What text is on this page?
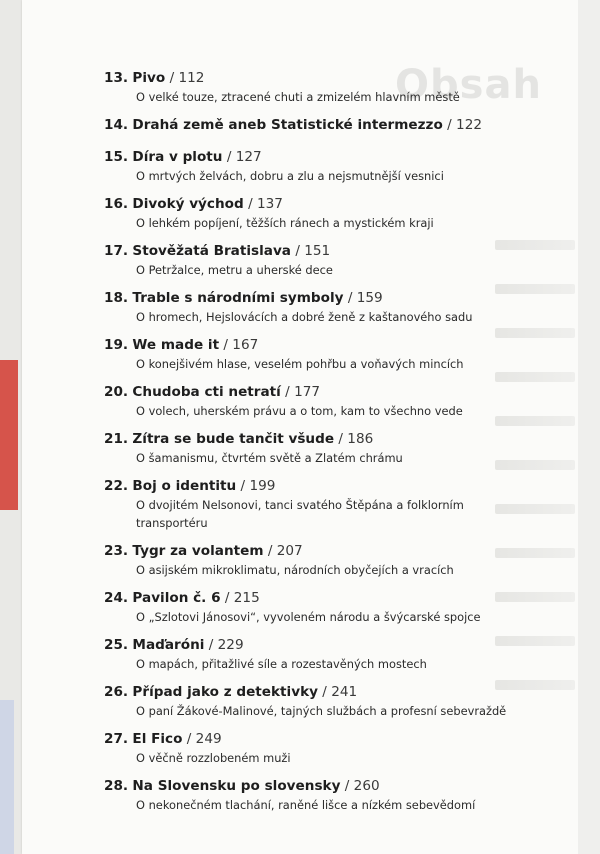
Obsah
13. Pivo / 112
O velké touze, ztracené chuti a zmizelém hlavním městě
14. Drahá země aneb Statistické intermezzo / 122
15. Díra v plotu / 127
O mrtvých želvách, dobru a zlu a nejsmutnější vesnici
16. Divoký východ / 137
O lehkém popíjení, těžších ránech a mystickém kraji
17. Stověžatá Bratislava / 151
O Petržalce, metru a uherské dece
18. Trable s národními symboly / 159
O hromech, Hejslovácích a dobré ženě z kaštanového sadu
19. We made it / 167
O konejšivém hlase, veselém pohřbu a voňavých mincích
20. Chudoba cti netratí / 177
O volech, uherském právu a o tom, kam to všechno vede
21. Zítra se bude tančit všude / 186
O šamanismu, čtvrtém světě a Zlatém chrámu
22. Boj o identitu / 199
O dvojitém Nelsonovi, tanci svatého Štěpána a folklorním transportéru
23. Tygr za volantem / 207
O asijském mikroklimatu, národních obyčejích a vracích
24. Pavilon č. 6 / 215
O „Szlotovi Jánosovi“, vyvoleném národu a švýcarské spojce
25. Maďaróni / 229
O mapách, přitažlivé síle a rozestavěných mostech
26. Případ jako z detektivky / 241
O paní Žákové-Malinové, tajných službách a profesní sebevraždě
27. El Fico / 249
O věčně rozzlobeném muži
28. Na Slovensku po slovensky / 260
O nekonečném tlachání, raněné lišce a nízkém sebevědomí
